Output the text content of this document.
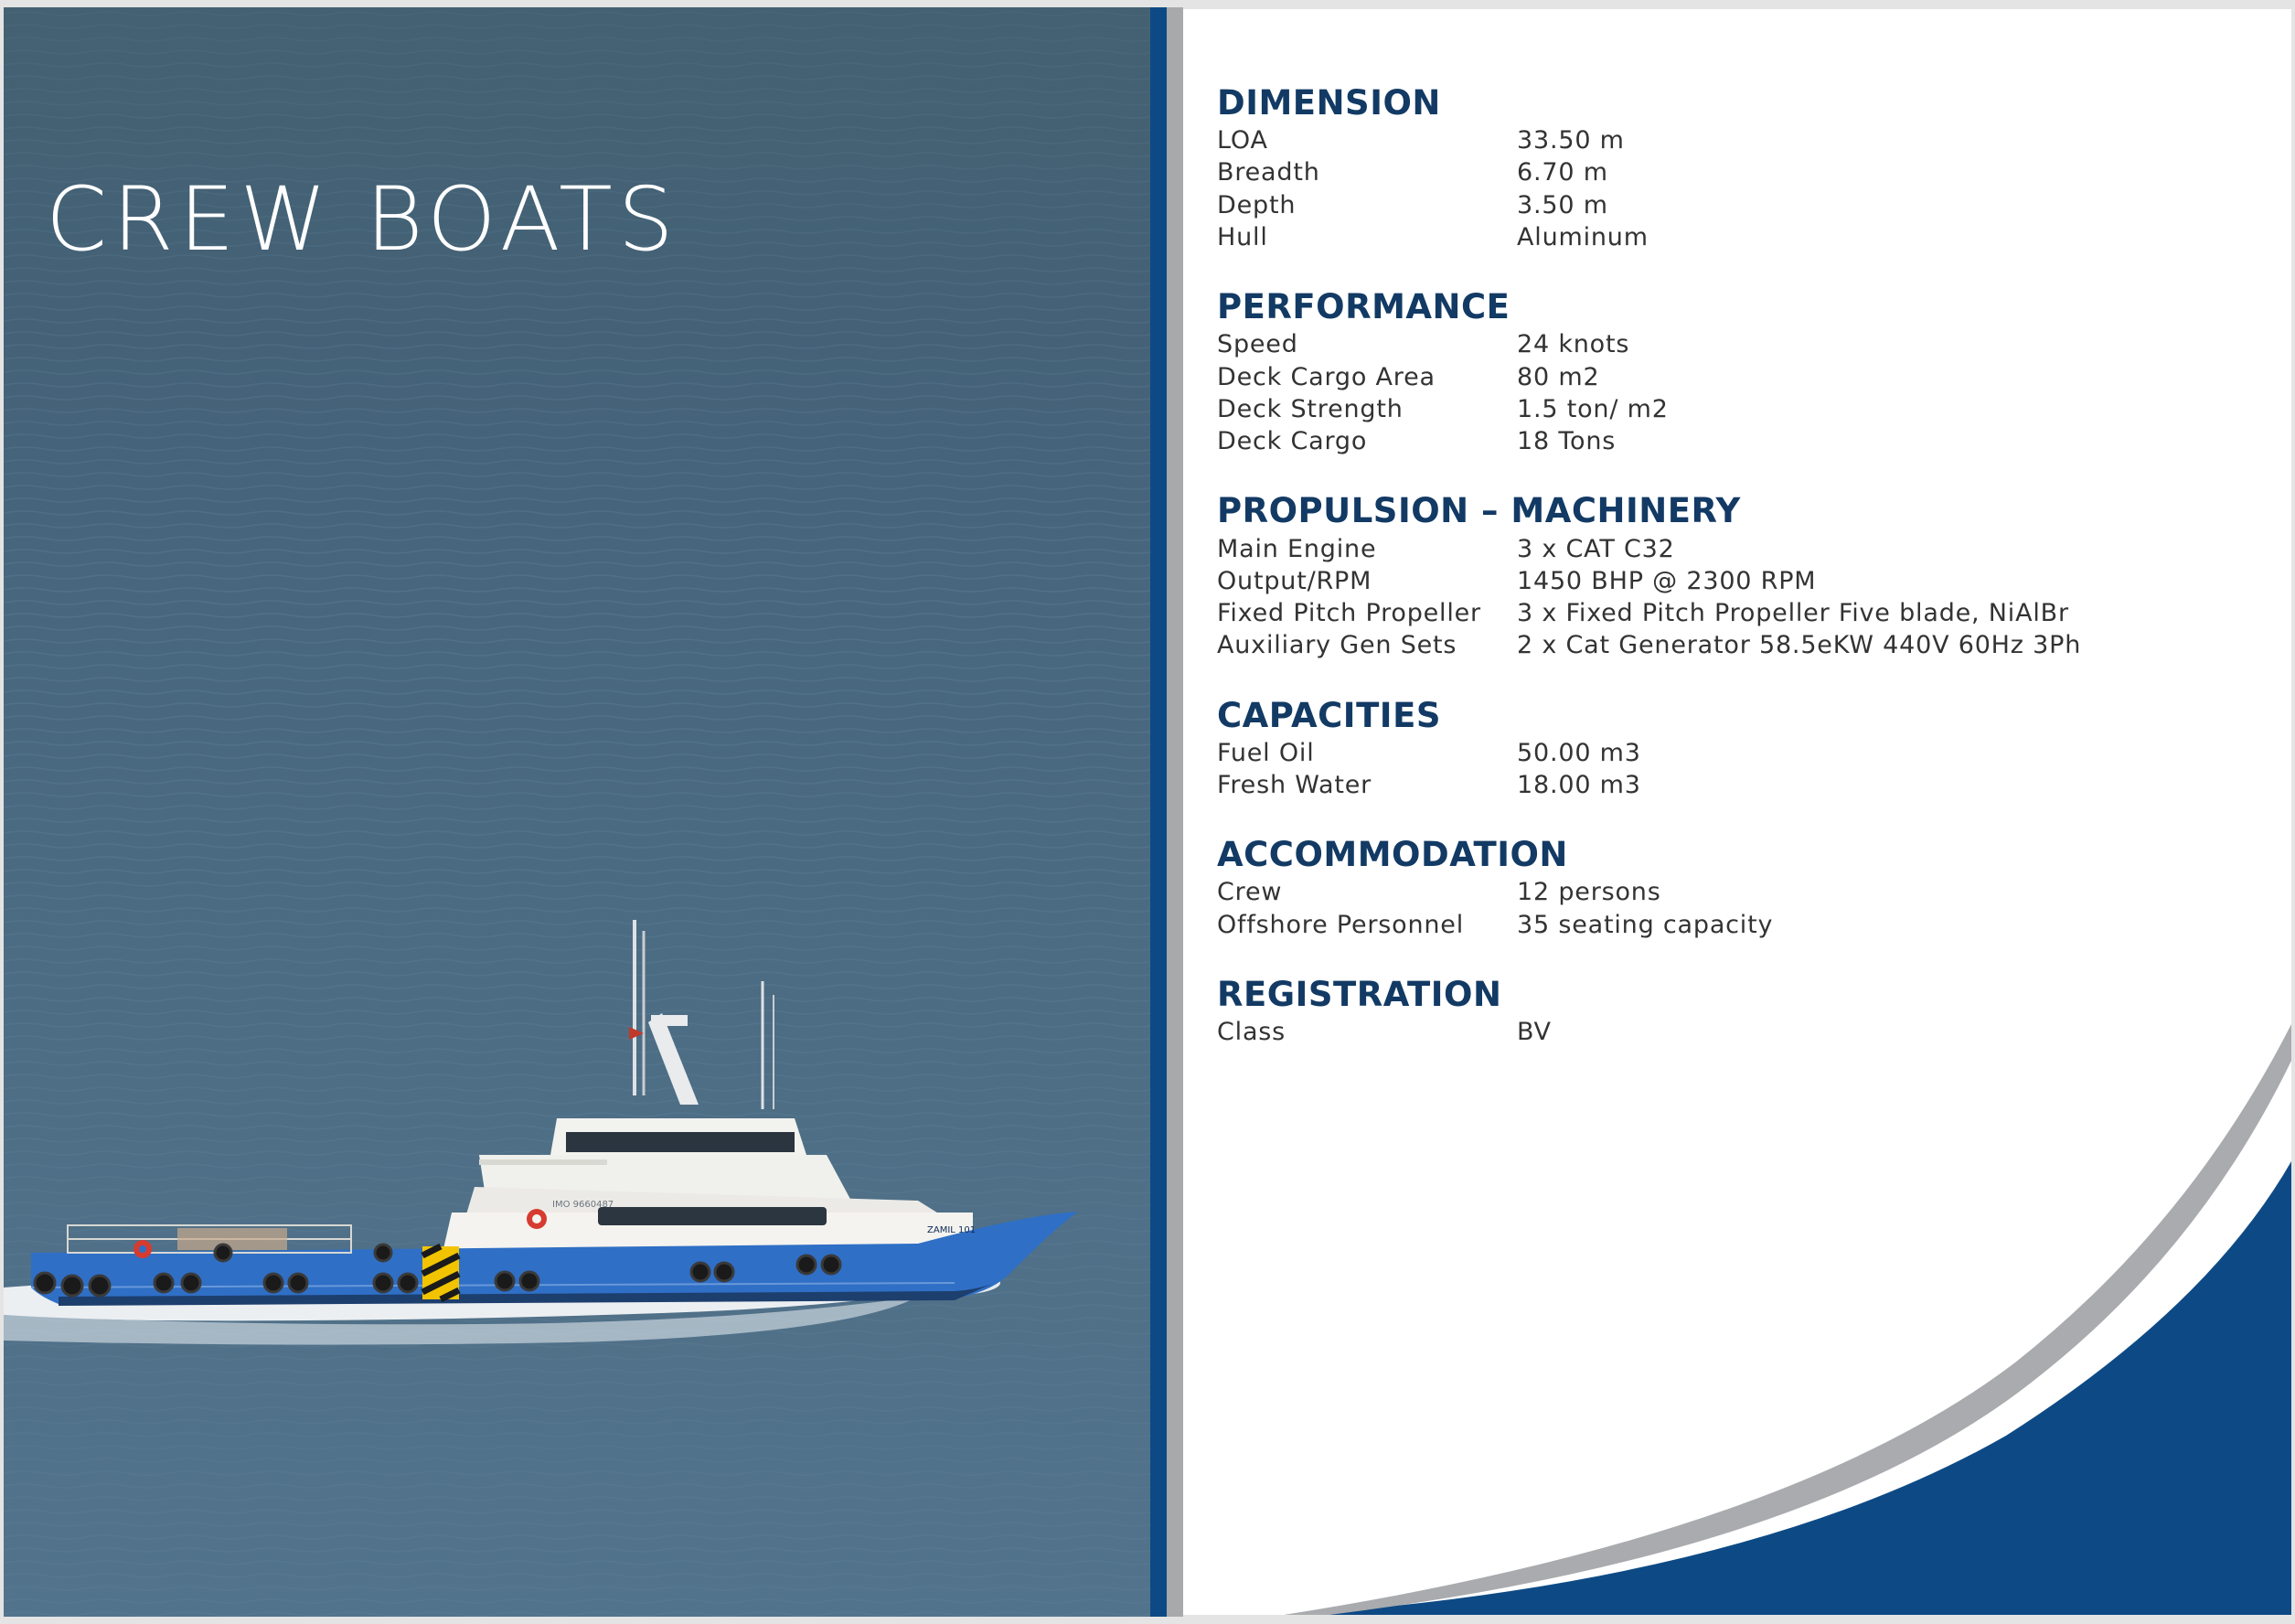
CREW BOATS
IMO 9660487
ZAMIL 101
DIMENSION
LOA	33.50 m
Breadth	6.70 m
Depth	3.50 m
Hull	Aluminum
PERFORMANCE
Speed	24 knots
Deck Cargo Area	80 m2
Deck Strength	1.5 ton/ m2
Deck Cargo	18 Tons
PROPULSION – MACHINERY
Main Engine	3 x CAT C32
Output/RPM	1450 BHP @ 2300 RPM
Fixed Pitch Propeller	3 x Fixed Pitch Propeller Five blade, NiAlBr
Auxiliary Gen Sets	2 x Cat Generator 58.5eKW 440V 60Hz 3Ph
CAPACITIES
Fuel Oil	50.00 m3
Fresh Water	18.00 m3
ACCOMMODATION
Crew	12 persons
Offshore Personnel	35 seating capacity
REGISTRATION
Class	BV
